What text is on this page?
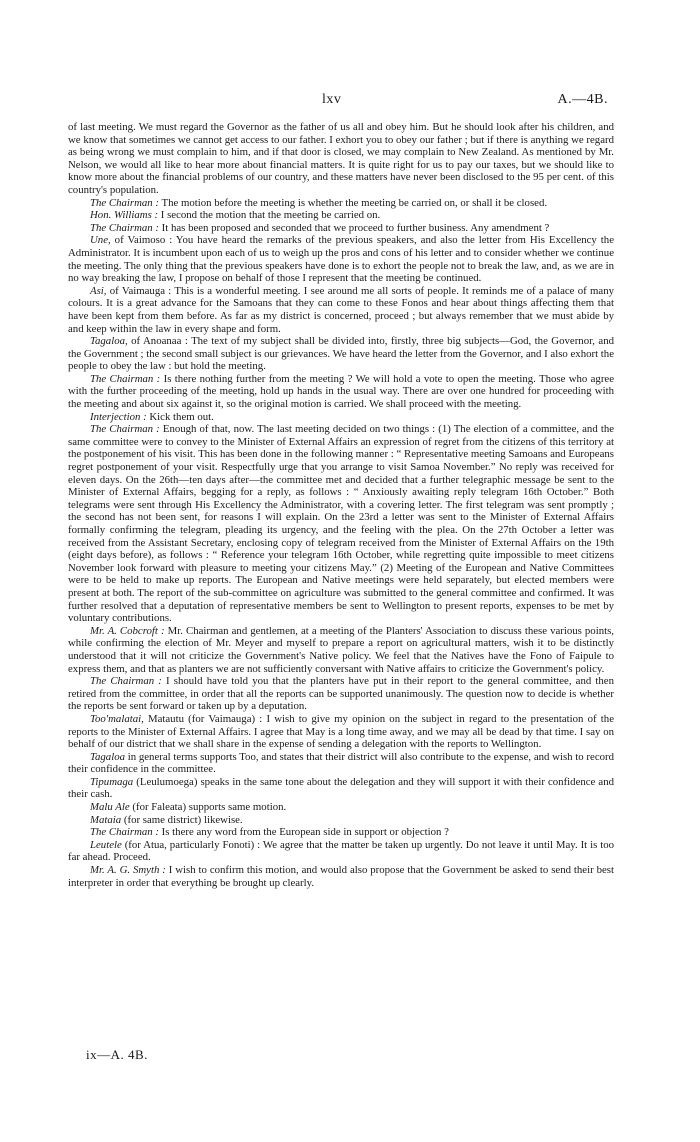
lxv	A.—4B.

of last meeting. We must regard the Governor as the father of us all and obey him. But he should look after his children, and we know that sometimes we cannot get access to our father. I exhort you to obey our father ; but if there is anything we regard as being wrong we must complain to him, and if that door is closed, we may complain to New Zealand. As mentioned by Mr. Nelson, we would all like to hear more about financial matters. It is quite right for us to pay our taxes, but we should like to know more about the financial problems of our country, and these matters have never been disclosed to the 95 per cent. of this country's population.

The Chairman : The motion before the meeting is whether the meeting be carried on, or shall it be closed.

Hon. Williams : I second the motion that the meeting be carried on.

The Chairman : It has been proposed and seconded that we proceed to further business. Any amendment ?

Une, of Vaimoso : You have heard the remarks of the previous speakers, and also the letter from His Excellency the Administrator. It is incumbent upon each of us to weigh up the pros and cons of his letter and to consider whether we continue the meeting. The only thing that the previous speakers have done is to exhort the people not to break the law, and, as we are in no way breaking the law, I propose on behalf of those I represent that the meeting be continued.

Asi, of Vaimauga : This is a wonderful meeting. I see around me all sorts of people. It reminds me of a palace of many colours. It is a great advance for the Samoans that they can come to these Fonos and hear about things affecting them that have been kept from them before. As far as my district is concerned, proceed ; but always remember that we must abide by and keep within the law in every shape and form.

Tagaloa, of Anoanaa : The text of my subject shall be divided into, firstly, three big subjects—God, the Governor, and the Government ; the second small subject is our grievances. We have heard the letter from the Governor, and I also exhort the people to obey the law : but hold the meeting.

The Chairman : Is there nothing further from the meeting ? We will hold a vote to open the meeting. Those who agree with the further proceeding of the meeting, hold up hands in the usual way. There are over one hundred for proceeding with the meeting and about six against it, so the original motion is carried. We shall proceed with the meeting.

Interjection : Kick them out.

The Chairman : Enough of that, now. The last meeting decided on two things : (1) The election of a committee, and the same committee were to convey to the Minister of External Affairs an expression of regret from the citizens of this territory at the postponement of his visit. This has been done in the following manner : “ Representative meeting Samoans and Europeans regret postponement of your visit. Respectfully urge that you arrange to visit Samoa November.” No reply was received for eleven days. On the 26th—ten days after—the committee met and decided that a further telegraphic message be sent to the Minister of External Affairs, begging for a reply, as follows : “ Anxiously awaiting reply telegram 16th October.” Both telegrams were sent through His Excellency the Administrator, with a covering letter. The first telegram was sent promptly ; the second has not been sent, for reasons I will explain. On the 23rd a letter was sent to the Minister of External Affairs formally confirming the telegram, pleading its urgency, and the feeling with the plea. On the 27th October a letter was received from the Assistant Secretary, enclosing copy of telegram received from the Minister of External Affairs on the 19th (eight days before), as follows : “ Reference your telegram 16th October, while regretting quite impossible to meet citizens November look forward with pleasure to meeting your citizens May.” (2) Meeting of the European and Native Committees were to be held to make up reports. The European and Native meetings were held separately, but elected members were present at both. The report of the sub-committee on agriculture was submitted to the general committee and confirmed. It was further resolved that a deputation of representative members be sent to Wellington to present reports, expenses to be met by voluntary contributions.

Mr. A. Cobcroft : Mr. Chairman and gentlemen, at a meeting of the Planters' Association to discuss these various points, while confirming the election of Mr. Meyer and myself to prepare a report on agricultural matters, wish it to be distinctly understood that it will not criticize the Government's Native policy. We feel that the Natives have the Fono of Faipule to express them, and that as planters we are not sufficiently conversant with Native affairs to criticize the Government's policy.

The Chairman : I should have told you that the planters have put in their report to the general committee, and then retired from the committee, in order that all the reports can be supported unanimously. The question now to decide is whether the reports be sent forward or taken up by a deputation.

Too'malatai, Matautu (for Vaimauga) : I wish to give my opinion on the subject in regard to the presentation of the reports to the Minister of External Affairs. I agree that May is a long time away, and we may all be dead by that time. I say on behalf of our district that we shall share in the expense of sending a delegation with the reports to Wellington.

Tagaloa in general terms supports Too, and states that their district will also contribute to the expense, and wish to record their confidence in the committee.

Tipumaga (Leulumoega) speaks in the same tone about the delegation and they will support it with their confidence and their cash.

Malu Ale (for Faleata) supports same motion.

Mataia (for same district) likewise.

The Chairman : Is there any word from the European side in support or objection ?

Leutele (for Atua, particularly Fonoti) : We agree that the matter be taken up urgently. Do not leave it until May. It is too far ahead. Proceed.

Mr. A. G. Smyth : I wish to confirm this motion, and would also propose that the Government be asked to send their best interpreter in order that everything be brought up clearly.

ix—A. 4B.
